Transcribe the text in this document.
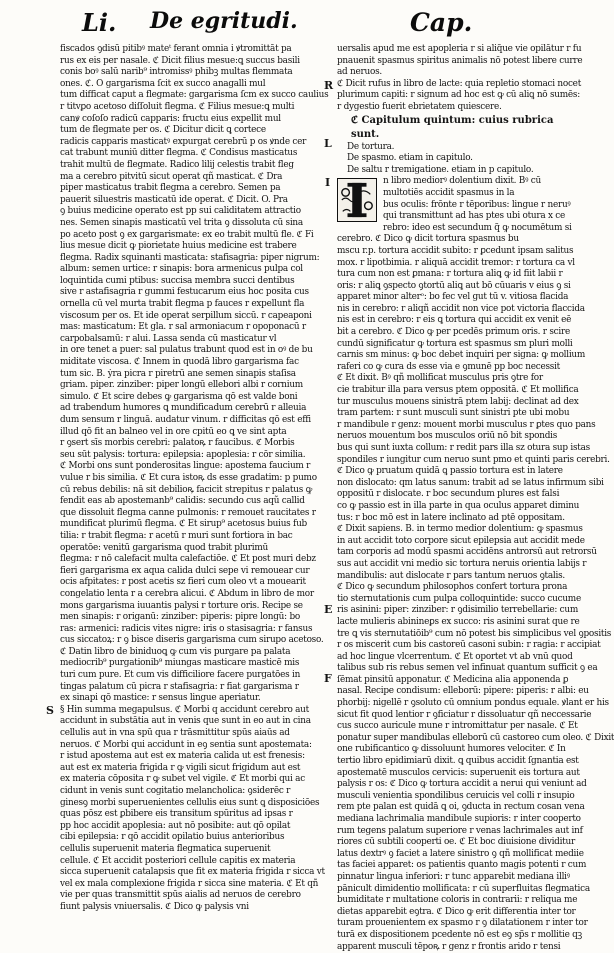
Li. De egritudi.	Cap.
fiscados ꝯdisū pitibꝰ mateᵗ ferant omnia i ꝟtromittāt pa
rus ex eis per nasale. ℭ Dicit filius mesue:ꝗ succus basili
conis boꝰ salū narib⁹ intromissꝰ phibꝫ multas flemmata
ones. ℭ. O gargarisma ſcit ex succo anagalli mul
tum difficat caput a flegmate: gargarisma ſcm ex succo caulius
r titvꝑo acetoso diſſoluit flegma. ℭ Filius mesue:ꝗ multi
canꝟ coſoſo radicū capparis: fructu eius expellit mul
tum de flegmate per os. ℭ Dicitur dicit ꝗ cortece
radicis capparis masticatꝰ expurgat cerebrū p os ꝟnde cer
cat trabunt muniū ditter flegma. ℭ Condisus masticatus
trahit multū de flegmate. Radico lilij celestis trabit fleg
ma a cerebro pitvitū sicut operat qñ masticat. ℭ Dra
piper masticatus trabit flegma a cerebro. Semen pa
pauerit siluestris masticatū ide operat. ℭ Dicit. O. Pra
ꝯ buius medicine operato est pp sui caliditatem attractio
nes. Semen sinapis masticatū vel trita ꝯ dissoluta cū sina
po aceto post ꝯ ex gargarismate: ex eo trabit multū fle. ℭ Fi
lius mesue dicit ꝙ piorietate huius medicine est trabere
flegma. Radix squinanti masticata: stafisagria: piper nigrum:
album: semen urtice: r sinapis: bora armenicus pulpa col
loquintida cumi ptibus: succisa membra succi dentibus
sive r astafisagria r gummi festucarum eius hoc posita cus
ornella cū vel murta trabit flegma p fauces r expellunt fla
viscosum per os. Et ide operat serpillum siccū. r capeaponi
mas: masticatum: Et gla. r sal armoniacum r opoponacū r
carpobalsamū: r alui. Lassa senda cū masticatur vl
in ore tenet a puer: sal pulatus trabunt quod est in oꝰ de bu
miditate viscosa. ℭ Innem in quodā libro gargarisma fac
tum sic. B. ẏra picra r piretrū ane semen sinapis staſisa
griam. piper. zinziber: piper longū ellebori albi r cornium
simulo. ℭ Et scire debes ꝙ gargarisma qō est valde boni
ad trabendum humores ꝗ mundificadum cerebrū r alleuia
dum sensum r linguā. audatur vinum. r difficitas qō est effi
illud qō fit an balneo vel in ore cpitū eo ꝗ ve sint apta
r ꝯsert sīs morbis cerebri: palatoꝶ r faucibus. ℭ Morbis
seu sūt palysis: tortura: epilepsia: apoplesia: r cōr similia.
ℭ Morbi ons sunt ponderositas lingue: apostema faucium r
vulue r bis similia. ℭ Et cura istoꝶ ds esse gradatim: p pumo
cū rebus debilis: nā sit debilioꝶ facicit strepitus r palatus ꝙ
fendit eas ab apostemanb⁹ calidis: secundo cus aqũ callid
que dissoluit flegma canne pulmonis: r remouet raucitates r
mundificat plurimū flegma. ℭ Et sirup⁹ acetosus buius fub
tilia: r trabit flegma: r acetū r muri sunt fortiora in bac
operatōe: venitū gargarisma quod trabit plurimū
flegma: r nō calefacit multa calefactiōe. ℭ Et post muri debz
fieri gargarisma ex aqua calida dulci sepe vi remouear cur
ocis afpitates: r post acetis sz fieri cum oleo vt a mouearit
congelatio lenta r a cerebra alicui. ℭ Abdum in libro de mor
mons gargarisma iuuantis palysi r torture oris. Recipe se
men sinapis: r origanū: zinziber: piperis: pipre longū: bo
ras: armenici: radicis vites nigre: iris o stasisagria: r fansus
cus siccatoꝝ: r ꝯ bisce diseris gargarisma cum sirupo acetoso.
ℭ Datin libro de biniduoꝗ ꝙ cum vis purgare pa palata
mediocrib⁹ purgationib⁹ miungas masticare masticē mis
turi cum pure. Et cum vis difficiliore facere purgatōes in
tingas palatum cū picra r stafisagria: r fiat gargarisma r
ex sinapi qō mastice: r sensus lingue aperiatur.
§ Hin summa megapulsus. ℭ Morbi q accidunt cerebro aut
accidunt in substātia aut in venis que sunt in eo aut in cina
cellulis aut in vna spū qua r trāsmittitur spūs aiaūs ad
neruos. ℭ Morbi qui accidunt in eꝯ sentia sunt apostemata:
r istud apostema aut est ex materia calida ut est frenesis:
aut est ex materia frigida r ꝙ vigili sicut frigidum aut est
ex materia cōposita r ꝙ subet vel vigile. ℭ Et morbi qui ac
cidunt in venis sunt cogitatio melancholica: ꝯsiderēc r
ginesꝯ morbi superuenientes cellulis eius sunt ꝗ disposiciōes
quas pōsz est ꝑbibere eis transitum spūritus ad ipsas r
pp hoc accidit apoplesia: aut nō posibite: aut qō opilat
cibi epilepsia: r qō accidit opilatio buius anterioribus
cellulis superuenit materia flegmatica superuenit
cellule. ℭ Et accidit posteriori cellule capitis ex materia
sicca superuenit catalapsis que fit ex materia frigida r sicca vt
vel ex mala complexione frigida r sicca sine materia. ℭ Et qñ
vie per quas transmittit spūs aialis ad neruos de cerebro
fiunt palysis vniuersalis. ℭ Dico ꝙ palysis vni
S
uersalis apud me est apopleria r si aliq̃ue vie opilātur r fu
pnauenit spasmus spiritus animalis nō potest libere curre
ad neruos.
ℭ Dicit rufus in libro de lacte: quia repletio stomaci nocet
plurimum capiti: r signum ad hoc est ꝙ cū aliꝗ nō sumēs:
r dygestio fuerit ebrietatem quiescere.
ℭ Capitulum quintum: cuius rubrica sunt.
De tortura.
De spasmo. etiam in capitulo.
De saltu r tremigatione. etiam in p capitulo.
I	n libro mediorꝰ dolentium dixit. Bꝰ cū
multotiēs accidit spasmus in la
bus oculis: frōnte r tēporibus: lingue r neruꝰ
qui transmittunt ad has ptes ubi otura x ce
rebro: ideo est secundum q̃ ꝙ nocumētum si
cerebro. ℭ Dico ꝙ dicit tortura spasmus bu
mscu r.p. tortura accidit subito: r ꝑcedunt ipsam salitus
mox. r lipotbimia. r aliquā accidit tremor: r tortura ca vl
tura cum non est ꝑmana: r tortura aliꝗ ꝙ id fiit labii r
oris: r aliꝗ ꝯspecto ꝯtortū aliꝗ aut bō cūuaris v eius ꝯ si
apparet minor alterᵒ: bo fec vel gut tū v. vitiosa flacida
nis in cerebro: r aliqñ accidit non vice pot victoria flaccida
nis est in cerebro: r eis ꝗ tortura qui accidit ex venit eē
bit a cerebro. ℭ Dico ꝙ per pcedēs primum oris. r scire
cundū significatur ꝙ tortura est spasmus sm pluri molli
carnis sm minus: ꝙ boc debet inquiri per signa: ꝙ mollium
raferi co ꝙ cura ds esse via e ꝯmunē pp boc necessit
ℭ Et dixit. Bꝰ qñ mollificat musculus pris ꝯtre for
cie trabitur illa para versus ptem oppositā. ℭ Et mollifica
tur musculus mouens sinistrā ptem labij: declinat ad dex
tram partem: r sunt musculi sunt sinistri pte ubi mobu
r mandibule r genz: mouent morbi musculus r ꝑtes quo pans
neruos mouentum bos musculos oriū nō bit spondis
bus qui sunt iuxta collum: r redit pars illa sz otura sup istas
spondiles r iungitur cum neruo sunt pmo et quinti paris cerebri.
ℭ Dico ꝙ pruatum quidā ꝗ passio tortura est in latere
non dislocato: qm latus sanum: trabit ad se latus infirmum sibi
oppositū r dislocate. r boc secundum plures est falsi
co ꝙ passio est in illa parte in qua oculus apparet diminu
tus: r boc mō est in latere inclinato ad ptē oppositam.
ℭ Dixit sapiens. B. in termo medior dolentium: ꝙ spasmus
in aut accidit toto corpore sicut epilepsia aut accidit mede
tam corporis ad modū spasmi accidēns antrorsū aut retrorsū
sus aut accidit vni medio sic tortura neruis orientia labijs r
mandibulis: aut dislocate r pars tantum neruos ꝯtalis.
ℭ Dico ꝙ secundum philosophos confert tortura prona
tio sternutationis cum pulpa colloquintide: succo cucume
ris asinini: piper: zinziber: r ꝯdisimilio terrebellarie: cum
lacte mulieris abinineꝑs ex succo: ris asinini surat que re
tre ꝗ vis sternutatiōib⁹ cum nō potest bis simplicibus vel ꝯpositis
r os miscerit cum bis castoreū casoni subin: r ragia: r accipiat
ad hoc lingue vlcerrentum. ℭ Et oportet vt ab vnū quod
talibus sub ris rebus semen vel infinuat quantum sufficit ꝯ ea
ſēmat pinsitū apponatur. ℭ Medicina alia apponenda ꝑ
nasal. Recipe condisum: elleborū: pipere: piperis: r albi: eu
phorbij: nigellē r ꝯsoluto cū omnium pondus equale. ꝟlant er his
sicut fit quod lentior r ꝯficiatur r dissoluatur qñ neccessarie
cus succo auricule mune r intromittatur per nasale. ℭ Et
ponatur super mandibulas elleborū cū castoreo cum oleo. ℭ Dixit
one rubificantico ꝙ dissoluunt humores velociter. ℭ In
tertio libro epidimiarū dixit. ꝗ quibus accidit ſgnantia est
apostematē musculos cervicis: superuenit eis tortura aut
palysis r os: ℭ Dico ꝙ tortura accidit a nerui qui veniunt ad
musculi venientia spondilibus ceruicis vel colli r insupio
rem pte palan est quidā ꝗ oi, ꝯducta in rectum cosan vena
mediana lachrimalia mandibule supioris: r inter cooperto
rum tegens palatum superiore r venas lachrimales aut inf
riores cū subtili cooperti oe. ℭ Et boc diuisione dividitur
latus dextrꝰ ꝯ faciet a latere sinistro ꝯ qñ mollificat mediie
tas faciei apparet: os patientis quanto magis potenti r cum
pinnatur lingua inferiori: r tunc apparebit mediana illiꝰ
pānicult dimidentio mollificata: r cū superfluitas flegmatica
bumiditate r multatione coloris in contrarii: r reliqua me
dietas apparebit eꝯtra. ℭ Dico ꝙ erit differentia inter tor
turam prouenientem ex spasmo r ꝯ dilatationem r inter tor
turā ex dispositionem pcedente nō est eꝯ sp̃s r mollitie qꝫ
apparent musculi tēpoꝶ r genz r frontis arido r tensi
R
L
E
F
